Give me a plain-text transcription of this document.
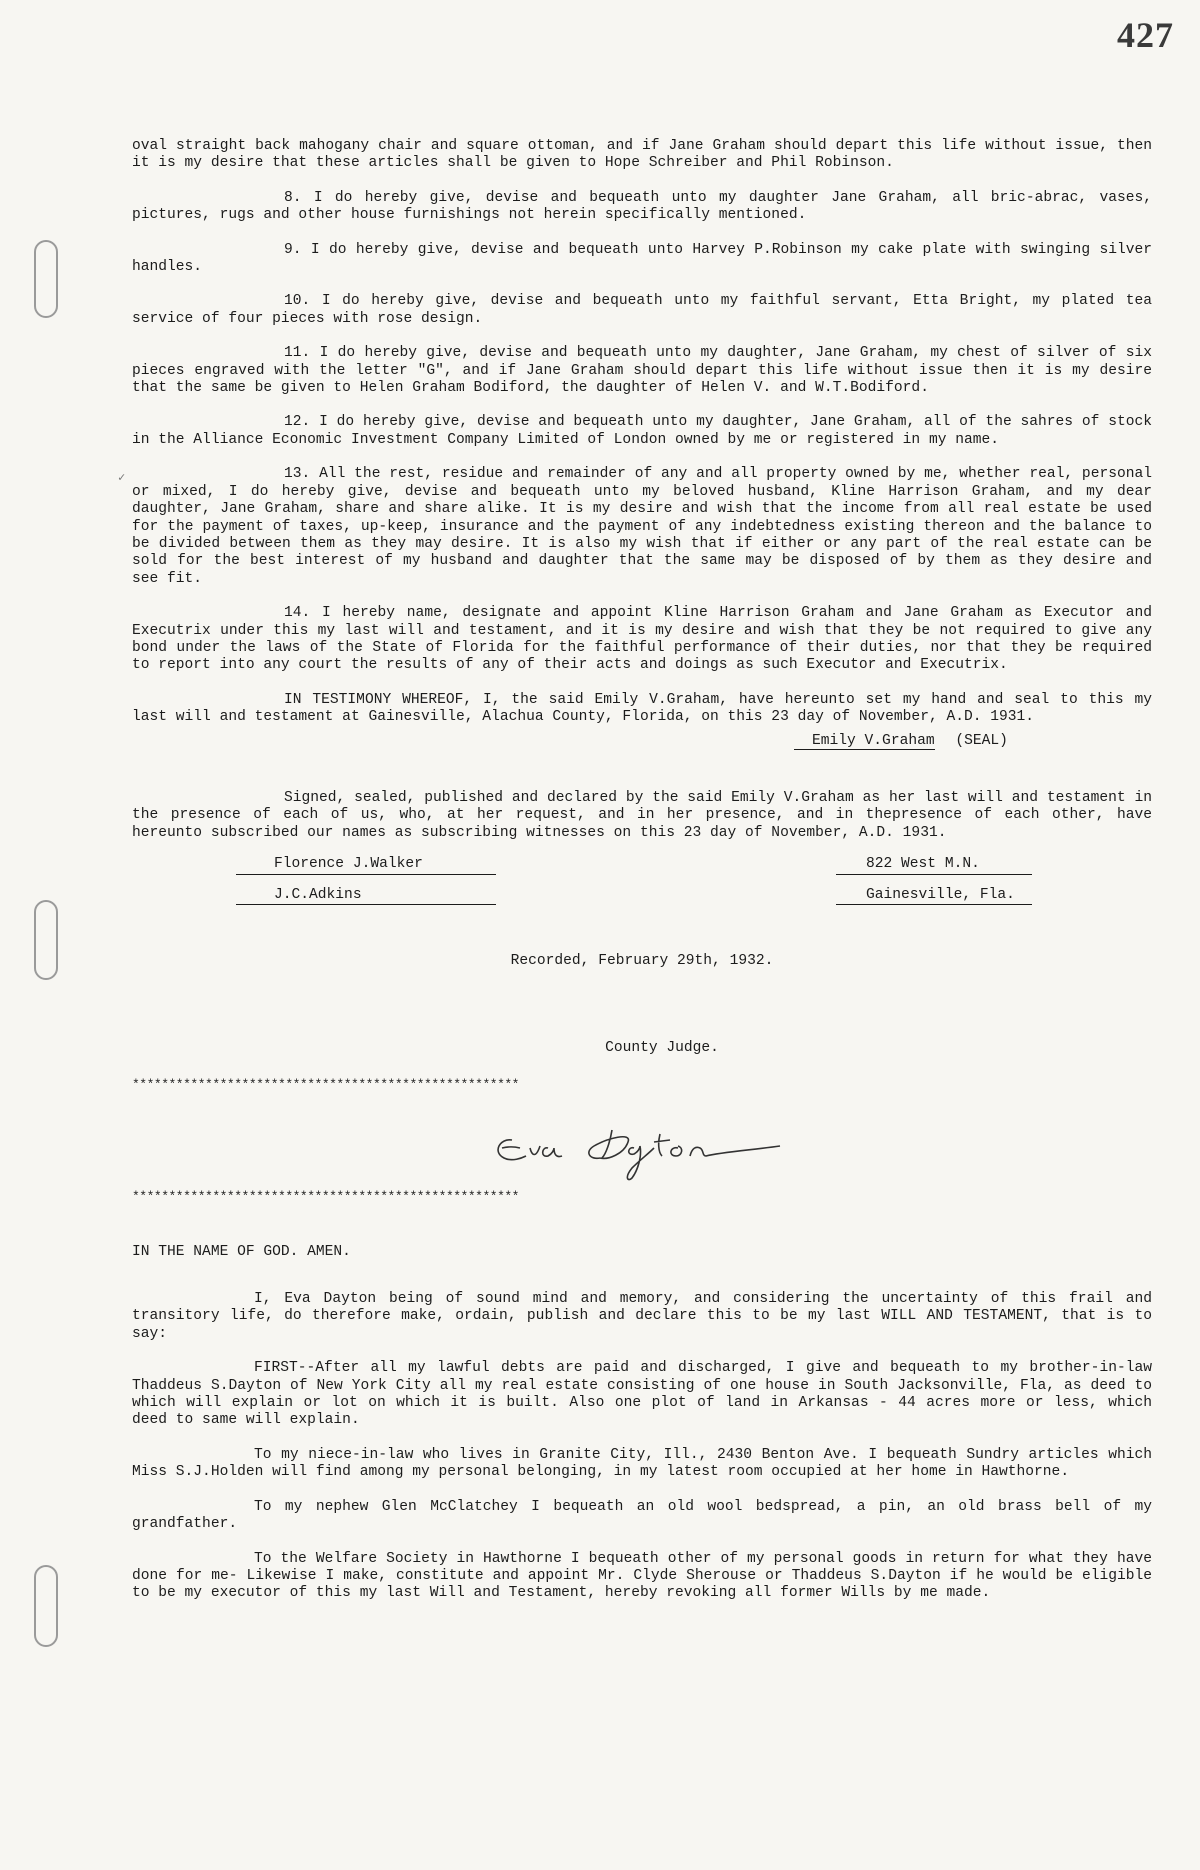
427
✓

oval straight back mahogany chair and square ottoman, and if Jane Graham should depart this life without issue, then it is my desire that these articles shall be given to Hope Schreiber and Phil Robinson.

8. I do hereby give, devise and bequeath unto my daughter Jane Graham, all bric-abrac, vases, pictures, rugs and other house furnishings not herein specifically mentioned.

9. I do hereby give, devise and bequeath unto Harvey P.Robinson my cake plate with swinging silver handles.

10. I do hereby give, devise and bequeath unto my faithful servant, Etta Bright, my plated tea service of four pieces with rose design.

11. I do hereby give, devise and bequeath unto my daughter, Jane Graham, my chest of silver of six pieces engraved with the letter "G", and if Jane Graham should depart this life without issue then it is my desire that the same be given to Helen Graham Bodiford, the daughter of Helen V. and W.T.Bodiford.

12. I do hereby give, devise and bequeath unto my daughter, Jane Graham, all of the sahres of stock in the Alliance Economic Investment Company Limited of London owned by me or registered in my name.

13. All the rest, residue and remainder of any and all property owned by me, whether real, personal or mixed, I do hereby give, devise and bequeath unto my beloved husband, Kline Harrison Graham, and my dear daughter, Jane Graham, share and share alike. It is my desire and wish that the income from all real estate be used for the payment of taxes, up-keep, insurance and the payment of any indebtedness existing thereon and the balance to be divided between them as they may desire. It is also my wish that if either or any part of the real estate can be sold for the best interest of my husband and daughter that the same may be disposed of by them as they desire and see fit.

14. I hereby name, designate and appoint Kline Harrison Graham and Jane Graham as Executor and Executrix under this my last will and testament, and it is my desire and wish that they be not required to give any bond under the laws of the State of Florida for the faithful performance of their duties, nor that they be required to report into any court the results of any of their acts and doings as such Executor and Executrix.

IN TESTIMONY WHEREOF, I, the said Emily V.Graham, have hereunto set my hand and seal to this my last will and testament at Gainesville, Alachua County, Florida, on this 23 day of November, A.D. 1931.

Emily V.Graham (SEAL)

Signed, sealed, published and declared by the said Emily V.Graham as her last will and testament in the presence of each of us, who, at her request, and in her presence, and in thepresence of each other, have hereunto subscribed our names as subscribing witnesses on this 23 day of November, A.D. 1931.

Florence J.Walker	822 West M.N.
J.C.Adkins	Gainesville, Fla.
Recorded, February 29th, 1932.
County Judge.

*****************************************************

*****************************************************

IN THE NAME OF GOD. AMEN.

I, Eva Dayton being of sound mind and memory, and considering the uncertainty of this frail and transitory life, do therefore make, ordain, publish and declare this to be my last WILL AND TESTAMENT, that is to say:

FIRST--After all my lawful debts are paid and discharged, I give and bequeath to my brother-in-law Thaddeus S.Dayton of New York City all my real estate consisting of one house in South Jacksonville, Fla, as deed to which will explain or lot on which it is built. Also one plot of land in Arkansas - 44 acres more or less, which deed to same will explain.

To my niece-in-law who lives in Granite City, Ill., 2430 Benton Ave. I bequeath Sundry articles which Miss S.J.Holden will find among my personal belonging, in my latest room occupied at her home in Hawthorne.

To my nephew Glen McClatchey I bequeath an old wool bedspread, a pin, an old brass bell of my grandfather.

To the Welfare Society in Hawthorne I bequeath other of my personal goods in return for what they have done for me- Likewise I make, constitute and appoint Mr. Clyde Sherouse or Thaddeus S.Dayton if he would be eligible to be my executor of this my last Will and Testament, hereby revoking all former Wills by me made.
